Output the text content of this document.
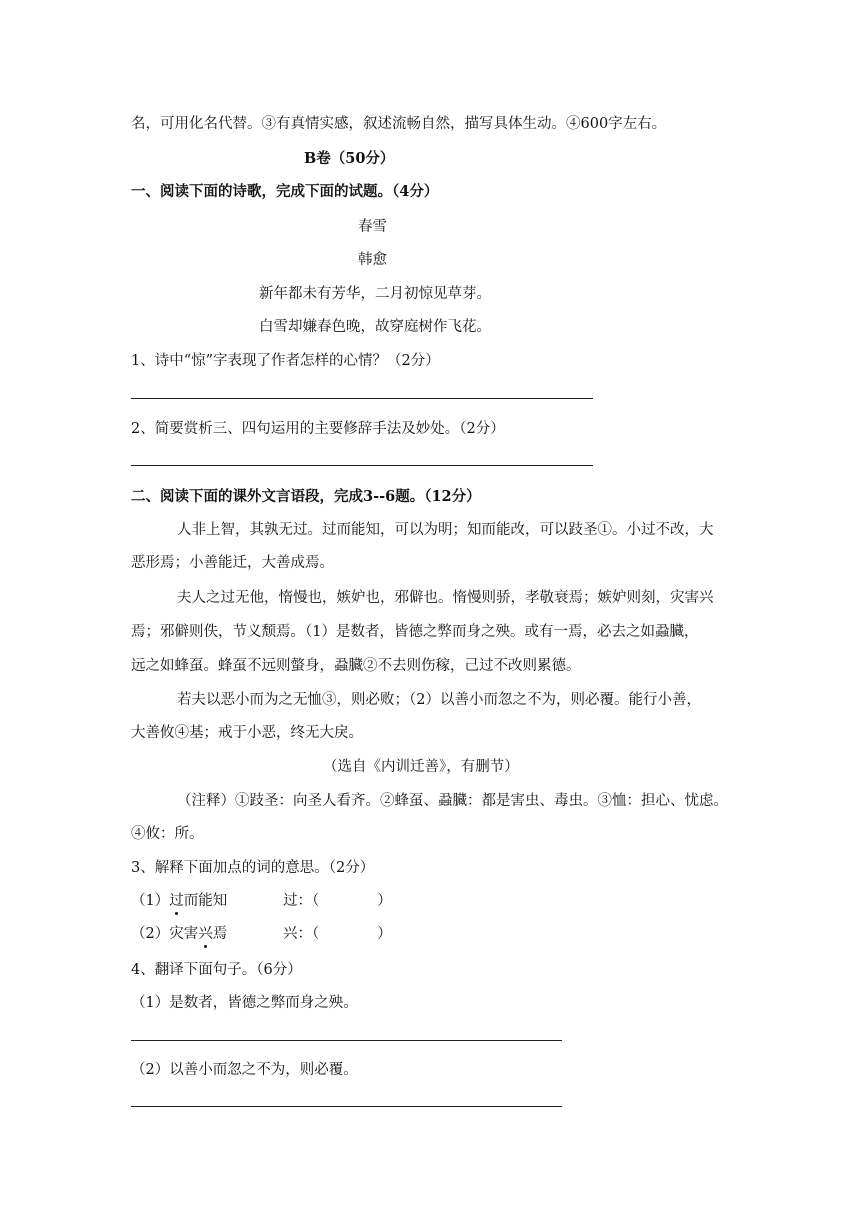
名，可用化名代替。③有真情实感，叙述流畅自然，描写具体生动。④600字左右。
B卷（50分）
一、阅读下面的诗歌，完成下面的试题。（4分）
春雪
韩愈
新年都未有芳华，二月初惊见草芽。
白雪却嫌春色晚，故穿庭树作飞花。
1、诗中“惊”字表现了作者怎样的心情？（2分）
2、简要赏析三、四句运用的主要修辞手法及妙处。（2分）
二、阅读下面的课外文言语段，完成3--6题。（12分）
人非上智，其孰无过。过而能知，可以为明；知而能改，可以跂圣①。小过不改，大
恶形焉；小善能迁，大善成焉。
夫人之过无他，惰慢也，嫉妒也，邪僻也。惰慢则骄，孝敬衰焉；嫉妒则刻，灾害兴
焉；邪僻则佚，节义颓焉。（1）是数者，皆德之弊而身之殃。或有一焉，必去之如蝨臓，
远之如蜂虿。蜂虿不远则螫身，蝨臓②不去则伤稼，己过不改则累德。
若夫以恶小而为之无恤③，则必败；（2）以善小而忽之不为，则必覆。能行小善，
大善攸④基；戒于小恶，终无大戾。
（选自《内训迁善》，有删节）
（注释）①跂圣：向圣人看齐。②蜂虿、蝨臓：都是害虫、毒虫。③恤：担心、忧虑。
④攸：所。
3、解释下面加点的词的意思。（2分）
（1）过而能知	过：（　　　　）
（2）灾害兴焉	兴：（　　　　）
4、翻译下面句子。（6分）
（1）是数者，皆德之弊而身之殃。
（2）以善小而忽之不为，则必覆。
